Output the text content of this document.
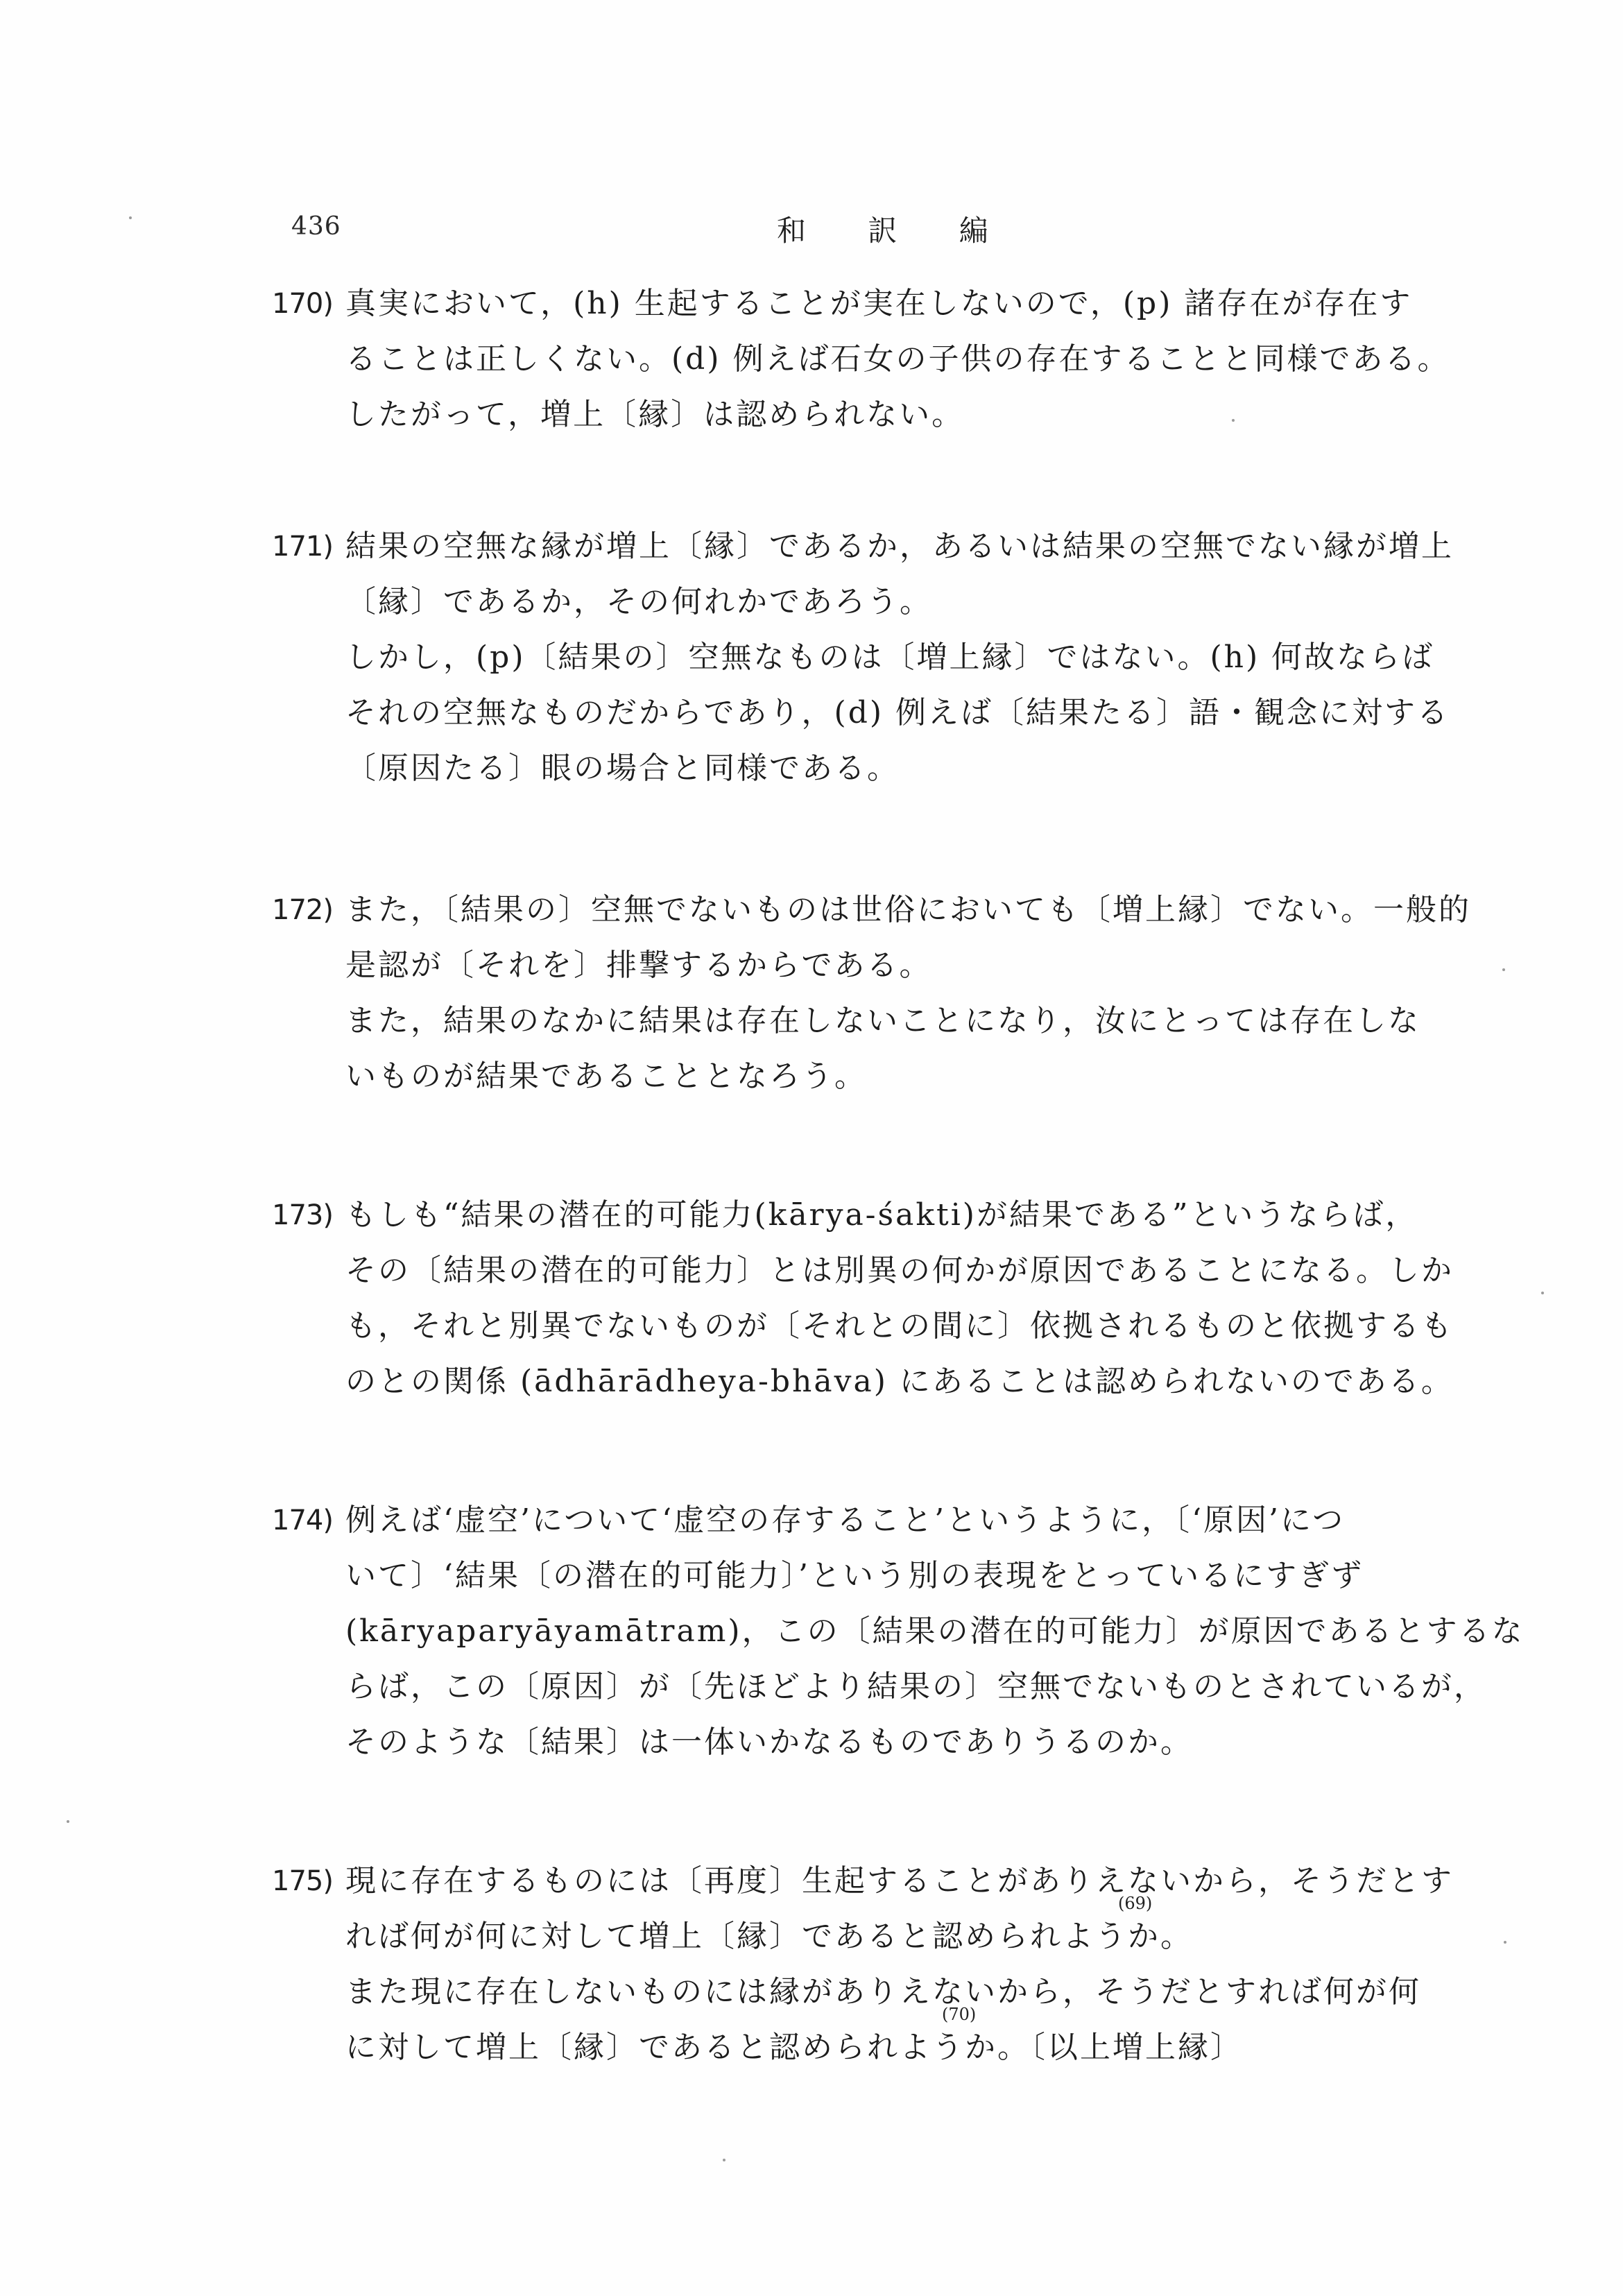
436	和 訳 編
170) 真実において，(h) 生起することが実在しないので，(p) 諸存在が存在す
ることは正しくない。(d) 例えば石女の子供の存在することと同様である。
したがって，増上〔縁〕は認められない。
171) 結果の空無な縁が増上〔縁〕であるか，あるいは結果の空無でない縁が増上
〔縁〕であるか，その何れかであろう。
しかし，(p)〔結果の〕空無なものは〔増上縁〕ではない。(h) 何故ならば
それの空無なものだからであり，(d) 例えば〔結果たる〕語・観念に対する
〔原因たる〕眼の場合と同様である。
172) また，〔結果の〕空無でないものは世俗においても〔増上縁〕でない。一般的
是認が〔それを〕排撃するからである。
また，結果のなかに結果は存在しないことになり，汝にとっては存在しな
いものが結果であることとなろう。
173) もしも“結果の潜在的可能力(kārya-śakti)が結果である”というならば，
その〔結果の潜在的可能力〕とは別異の何かが原因であることになる。しか
も，それと別異でないものが〔それとの間に〕依拠されるものと依拠するも
のとの関係 (ādhārādheya-bhāva) にあることは認められないのである。
174) 例えば‘虚空’について‘虚空の存すること’というように，〔‘原因’につ
いて〕‘結果〔の潜在的可能力〕’という別の表現をとっているにすぎず
(kāryaparyāyamātram)，この〔結果の潜在的可能力〕が原因であるとするな
らば，この〔原因〕が〔先ほどより結果の〕空無でないものとされているが，
そのような〔結果〕は一体いかなるものでありうるのか。
175) 現に存在するものには〔再度〕生起することがありえないから，そうだとす
れば何が何に対して増上〔縁〕であると認められようか。
また現に存在しないものには縁がありえないから，そうだとすれば何が何
に対して増上〔縁〕であると認められようか。〔以上増上縁〕
(69)
(70)
